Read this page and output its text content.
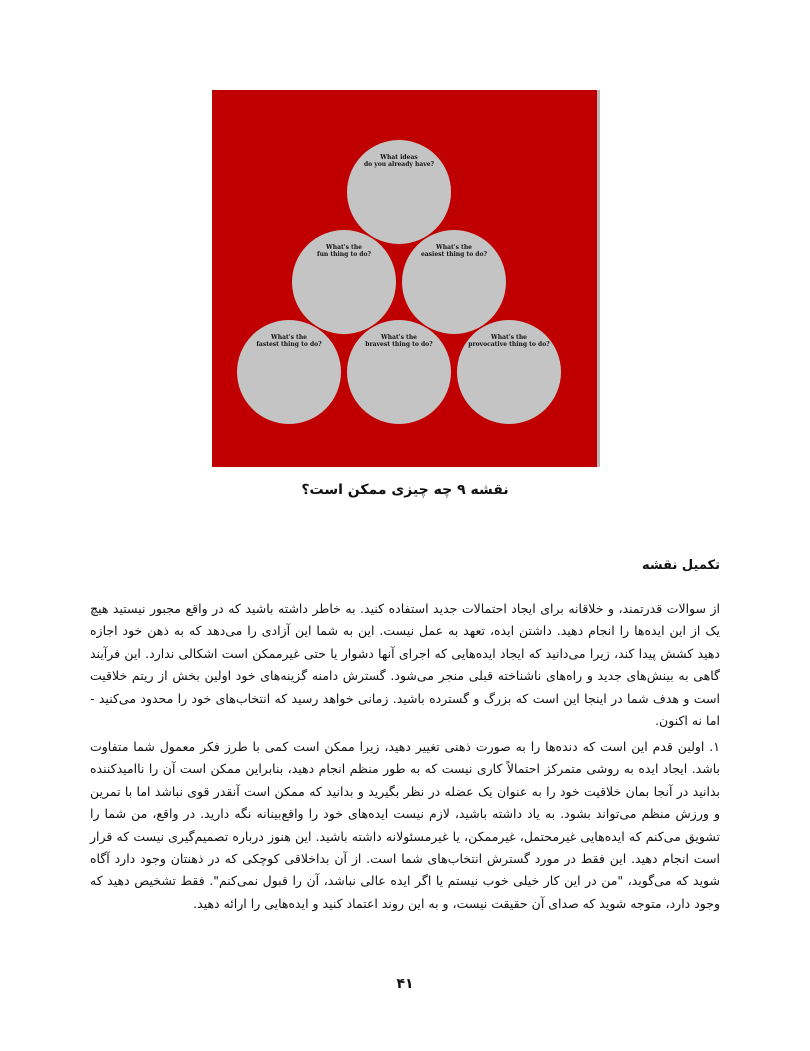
What ideas
do you already have?
What's the
fun thing to do?
What's the
easiest thing to do?
What's the
fastest thing to do?
What's the
bravest thing to do?
What's the
provocative thing to do?
نقشه ۹ چه چیزی ممکن است؟
تکمیل نقشه
از سوالات قدرتمند، و خلاقانه برای ایجاد احتمالات جدید استفاده کنید. به خاطر داشته باشید که در واقع مجبور نیستید هیچ یک از این ایده‌ها را انجام دهید. داشتن ایده، تعهد به عمل نیست. این به شما این آزادی را می‌دهد که به ذهن خود اجازه دهید کشش پیدا کند، زیرا می‌دانید که ایجاد ایده‌هایی که اجرای آنها دشوار یا حتی غیرممکن است اشکالی ندارد. این فرآیند گاهی به بینش‌های جدید و راه‌های ناشناخته قبلی منجر می‌شود. گسترش دامنه گزینه‌های خود اولین بخش از ریتم خلاقیت است و هدف شما در اینجا این است که بزرگ و گسترده باشید. زمانی خواهد رسید که انتخاب‌های خود را محدود می‌کنید - اما نه اکنون.
۱. اولین قدم این است که دنده‌ها را به صورت ذهنی تغییر دهید، زیرا ممکن است کمی با طرز فکر معمول شما متفاوت باشد. ایجاد ایده به روشی متمرکز احتمالاً کاری نیست که به طور منظم انجام دهید، بنابراین ممکن است آن را ناامیدکننده بدانید در آنجا بمان خلاقیت خود را به عنوان یک عضله در نظر بگیرید و بدانید که ممکن است آنقدر قوی نباشد اما با تمرین و ورزش منظم می‌تواند بشود. به یاد داشته باشید، لازم نیست ایده‌های خود را واقع‌بینانه نگه دارید. در واقع، من شما را تشویق می‌کنم که ایده‌هایی غیرمحتمل، غیرممکن، یا غیرمسئولانه داشته باشید. این هنوز درباره تصمیم‌گیری نیست که قرار است انجام دهید. این فقط در مورد گسترش انتخاب‌های شما است. از آن بداخلاقی کوچکی که در ذهنتان وجود دارد آگاه شوید که می‌گوید، "من در این کار خیلی خوب نیستم یا اگر ایده عالی نباشد، آن را قبول نمی‌کنم". فقط تشخیص دهید که وجود دارد، متوجه شوید که صدای آن حقیقت نیست، و به این روند اعتماد کنید و ایده‌هایی را ارائه دهید.
۴۱
